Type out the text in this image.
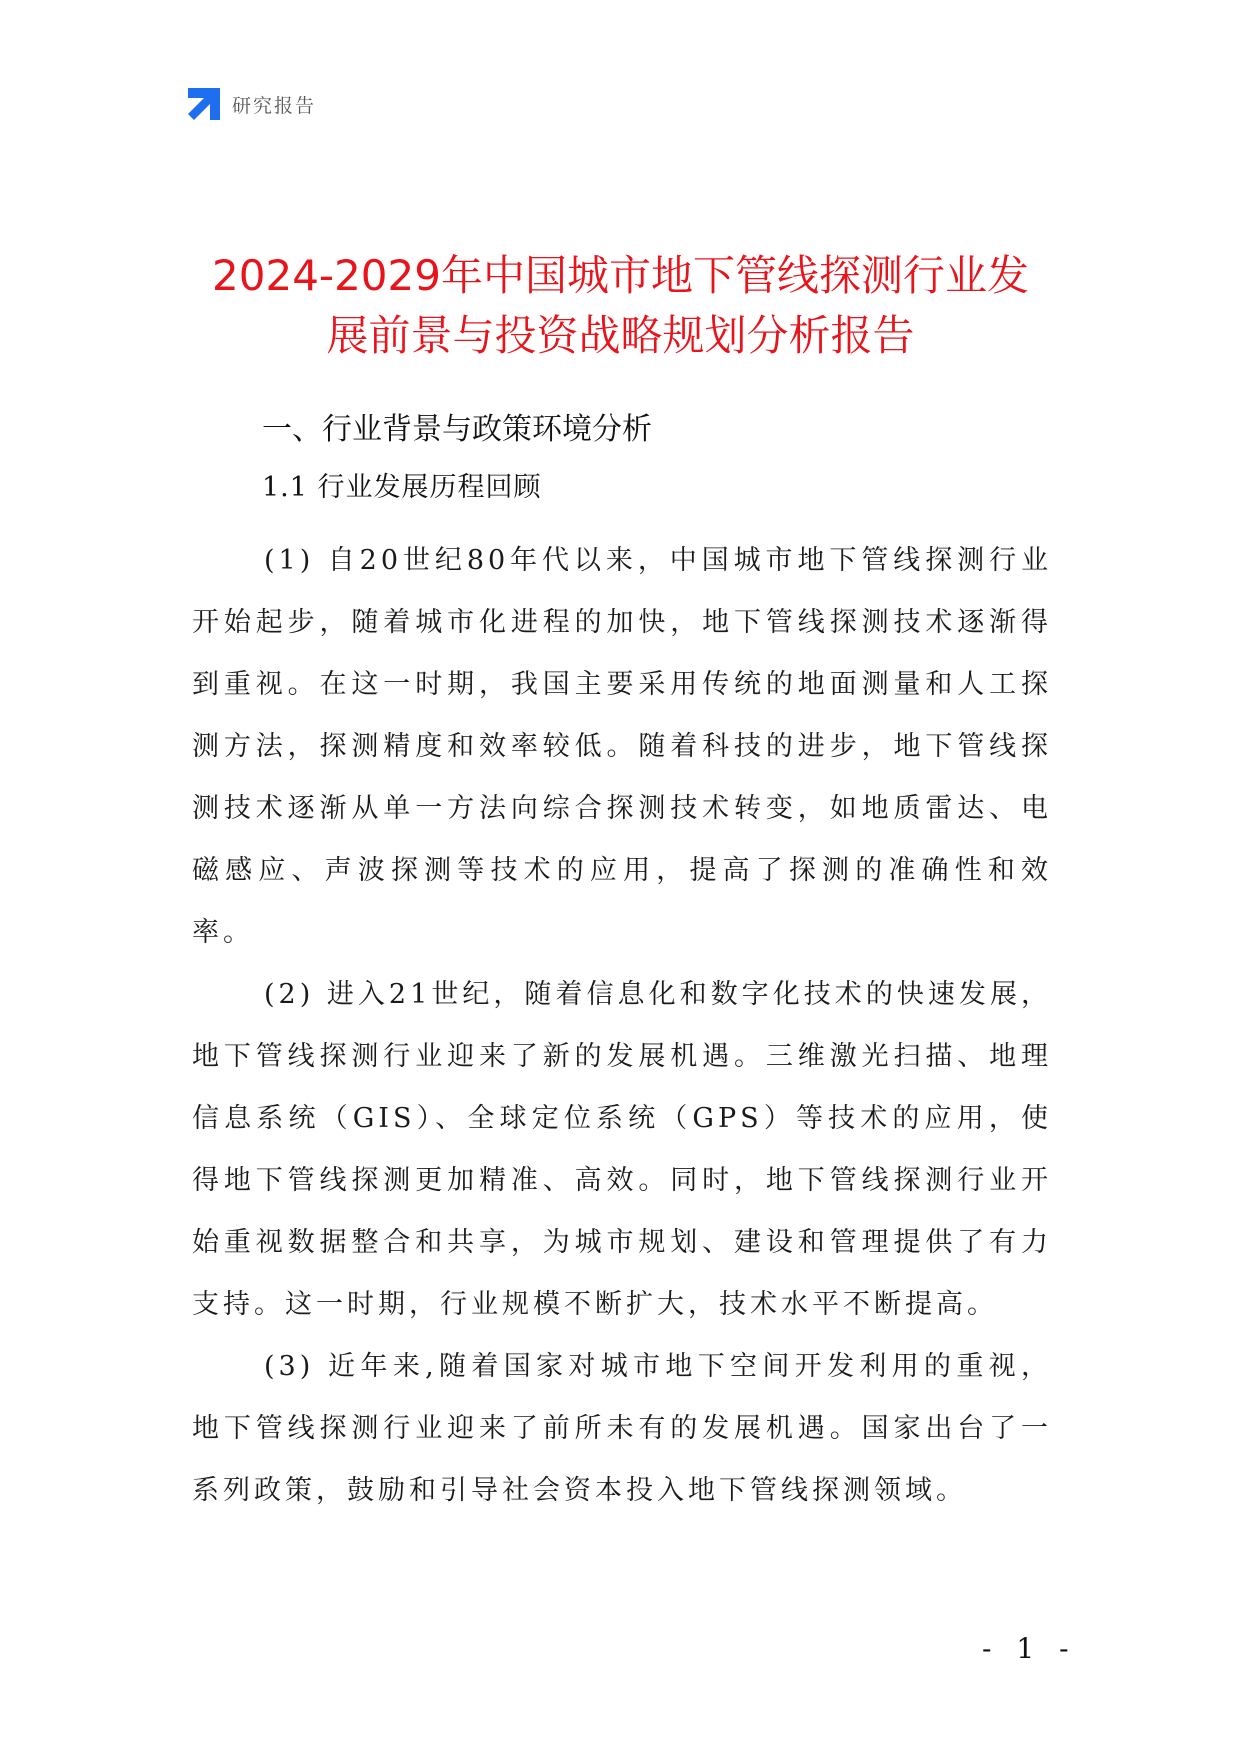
研究报告
2024-2029年中国城市地下管线探测行业发
展前景与投资战略规划分析报告
一、行业背景与政策环境分析
1.1 行业发展历程回顾

(1) 自20世纪80年代以来，中国城市地下管线探测行业开始起步，随着城市化进程的加快，地下管线探测技术逐渐得到重视。在这一时期，我国主要采用传统的地面测量和人工探测方法，探测精度和效率较低。随着科技的进步，地下管线探测技术逐渐从单一方法向综合探测技术转变，如地质雷达、电磁感应、声波探测等技术的应用，提高了探测的准确性和效率。

(2) 进入21世纪，随着信息化和数字化技术的快速发展，地下管线探测行业迎来了新的发展机遇。三维激光扫描、地理信息系统（GIS）、全球定位系统（GPS）等技术的应用，使得地下管线探测更加精准、高效。同时，地下管线探测行业开始重视数据整合和共享，为城市规划、建设和管理提供了有力支持。这一时期，行业规模不断扩大，技术水平不断提高。

(3) 近年来,随着国家对城市地下空间开发利用的重视，地下管线探测行业迎来了前所未有的发展机遇。国家出台了一系列政策，鼓励和引导社会资本投入地下管线探测领域。

- 1 -
